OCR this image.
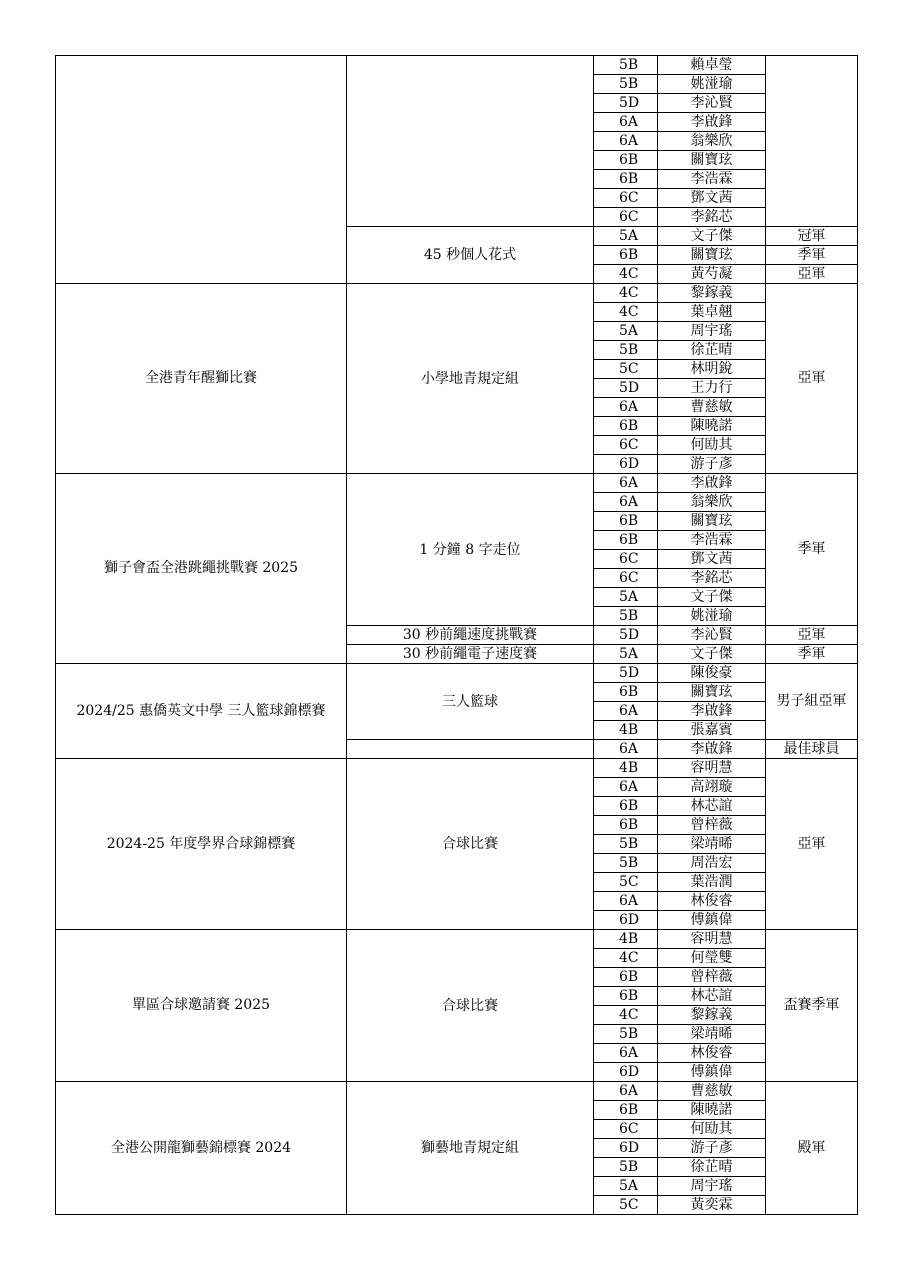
		5B	賴卓瑩	
		5B	姚湴瑜	
		5D	李沁賢	
		6A	李啟鋒	
		6A	翁樂欣	
		6B	關寶玹	
		6B	李浩霖	
		6C	鄧文茜	
		6C	李銘芯	
	45 秒個人花式	5A	文子傑	冠軍
		6B	關寶玹	季軍
		4C	黃芍凝	亞軍
全港青年醒獅比賽	小學地青規定組	4C	黎鎵義	亞軍
		4C	葉卓翹	
		5A	周宇瑤	
		5B	徐芷晴	
		5C	林明銳	
		5D	王力行	
		6A	曹慈敏	
		6B	陳曉諾	
		6C	何劻其	
		6D	游子彥	
獅子會盃全港跳繩挑戰賽 2025	1 分鐘 8 字走位	6A	李啟鋒	季軍
		6A	翁樂欣	
		6B	關寶玹	
		6B	李浩霖	
		6C	鄧文茜	
		6C	李銘芯	
		5A	文子傑	
		5B	姚湴瑜	
	30 秒前繩速度挑戰賽	5D	李沁賢	亞軍
	30 秒前繩電子速度賽	5A	文子傑	季軍
2024/25 惠僑英文中學 三人籃球錦標賽	三人籃球	5D	陳俊豪	男子組亞軍
		6B	關寶玹	
		6A	李啟鋒	
		4B	張嘉賓	
		6A	李啟鋒	最佳球員
2024-25 年度學界合球錦標賽	合球比賽	4B	容明慧	亞軍
		6A	高翊璇	
		6B	林芯誼	
		6B	曾梓薇	
		5B	梁靖晞	
		5B	周浩宏	
		5C	葉浩潤	
		6A	林俊睿	
		6D	傅鎮偉	
單區合球邀請賽 2025	合球比賽	4B	容明慧	盃賽季軍
		4C	何瑩雙	
		6B	曾梓薇	
		6B	林芯誼	
		4C	黎鎵義	
		5B	梁靖晞	
		6A	林俊睿	
		6D	傅鎮偉	
全港公開龍獅藝錦標賽 2024	獅藝地青規定組	6A	曹慈敏	殿軍
		6B	陳曉諾	
		6C	何劻其	
		6D	游子彥	
		5B	徐芷晴	
		5A	周宇瑤	
		5C	黃奕霖	
